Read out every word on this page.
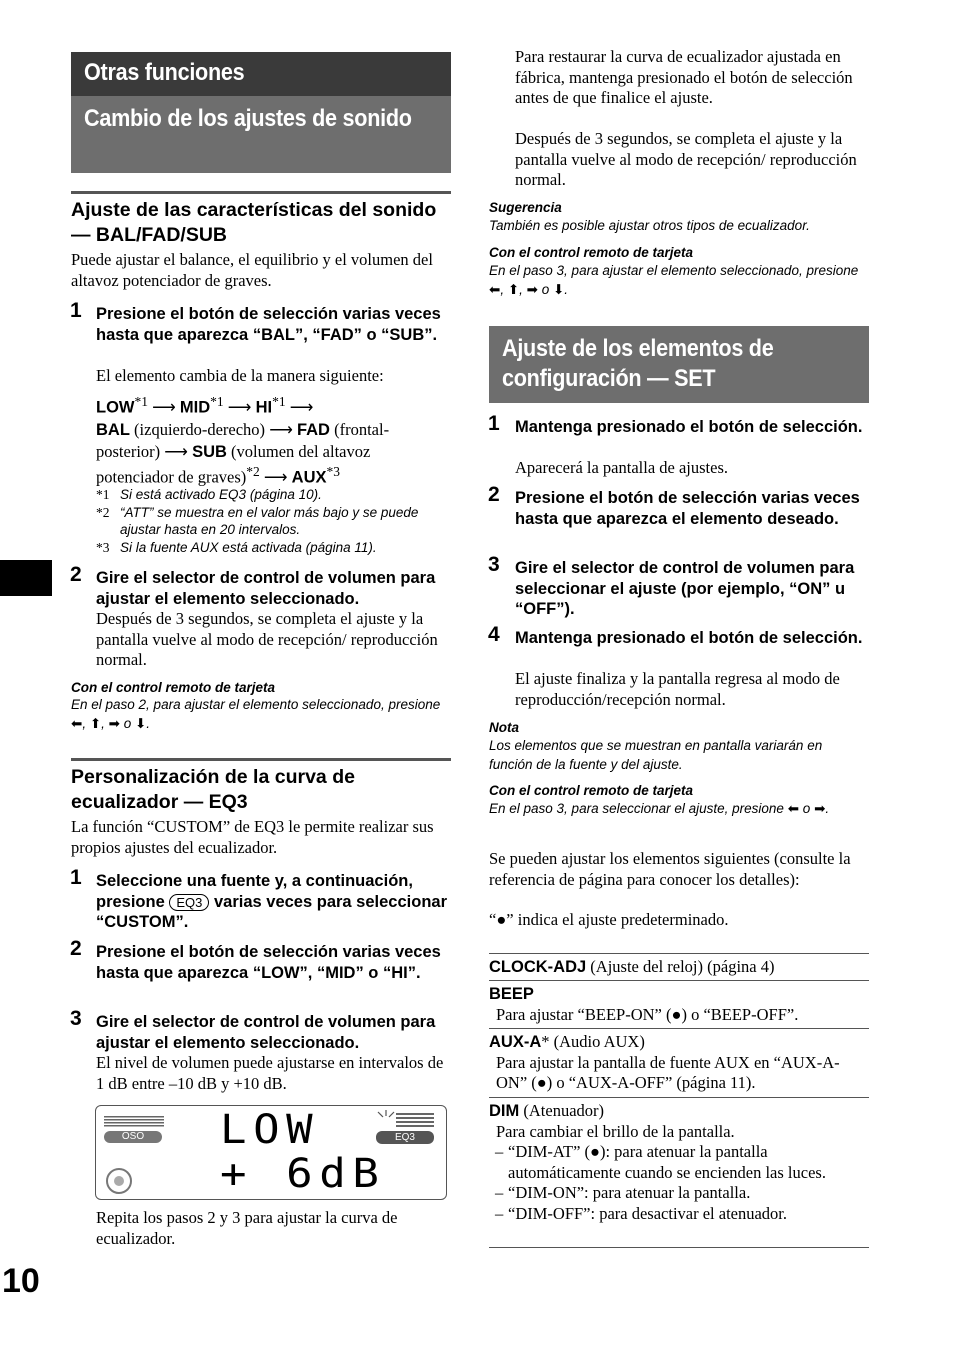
10
Otras funciones
Cambio de los ajustes de sonido
Ajuste de las características del sonido — BAL/FAD/SUB
Puede ajustar el balance, el equilibrio y el volumen del altavoz potenciador de graves.
1 Presione el botón de selección varias veces hasta que aparezca “BAL”, “FAD” o “SUB”.
El elemento cambia de la manera siguiente:
LOW$^{*1}$ ⟶ MID$^{*1}$ ⟶ HI$^{*1}$ ⟶
BAL (izquierdo-derecho) ⟶ FAD (frontal-posterior) ⟶ SUB (volumen del altavoz potenciador de graves)$^{*2}$ ⟶ AUX$^{*3}$
*1 Si está activado EQ3 (página 10).
*2 “ATT” se muestra en el valor más bajo y se puede ajustar hasta en 20 intervalos.
*3 Si la fuente AUX está activada (página 11).
2 Gire el selector de control de volumen para ajustar el elemento seleccionado.
Después de 3 segundos, se completa el ajuste y la pantalla vuelve al modo de recepción/ reproducción normal.
Con el control remoto de tarjeta
En el paso 2, para ajustar el elemento seleccionado, presione ⬅, ⬆, ➡ o ⬇.
Personalización de la curva de ecualizador — EQ3
La función “CUSTOM” de EQ3 le permite realizar sus propios ajustes del ecualizador.
1 Seleccione una fuente y, a continuación, presione EQ3 varias veces para seleccionar “CUSTOM”.
2 Presione el botón de selección varias veces hasta que aparezca “LOW”, “MID” o “HI”.
3 Gire el selector de control de volumen para ajustar el elemento seleccionado.
El nivel de volumen puede ajustarse en intervalos de 1 dB entre –10 dB y +10 dB.
OSO	LOW
+ 6dB
EQ3
Repita los pasos 2 y 3 para ajustar la curva de ecualizador.
Para restaurar la curva de ecualizador ajustada en fábrica, mantenga presionado el botón de selección antes de que finalice el ajuste.
Después de 3 segundos, se completa el ajuste y la pantalla vuelve al modo de recepción/ reproducción normal.
Sugerencia
También es posible ajustar otros tipos de ecualizador.
Con el control remoto de tarjeta
En el paso 3, para ajustar el elemento seleccionado, presione ⬅, ⬆, ➡ o ⬇.
Ajuste de los elementos de configuración — SET
1 Mantenga presionado el botón de selección.
Aparecerá la pantalla de ajustes.
2 Presione el botón de selección varias veces hasta que aparezca el elemento deseado.
3 Gire el selector de control de volumen para seleccionar el ajuste (por ejemplo, “ON” u “OFF”).
4 Mantenga presionado el botón de selección.
El ajuste finaliza y la pantalla regresa al modo de reproducción/recepción normal.
Nota
Los elementos que se muestran en pantalla variarán en función de la fuente y del ajuste.
Con el control remoto de tarjeta
En el paso 3, para seleccionar el ajuste, presione ⬅ o ➡.
Se pueden ajustar los elementos siguientes (consulte la referencia de página para conocer los detalles):
“●” indica el ajuste predeterminado.
CLOCK-ADJ (Ajuste del reloj) (página 4)
BEEP
Para ajustar “BEEP-ON” (●) o “BEEP-OFF”.
AUX-A* (Audio AUX)
Para ajustar la pantalla de fuente AUX en “AUX-A-ON” (●) o “AUX-A-OFF” (página 11).
DIM (Atenuador)
Para cambiar el brillo de la pantalla.
– “DIM-AT” (●): para atenuar la pantalla automáticamente cuando se encienden las luces.
– “DIM-ON”: para atenuar la pantalla.
– “DIM-OFF”: para desactivar el atenuador.
